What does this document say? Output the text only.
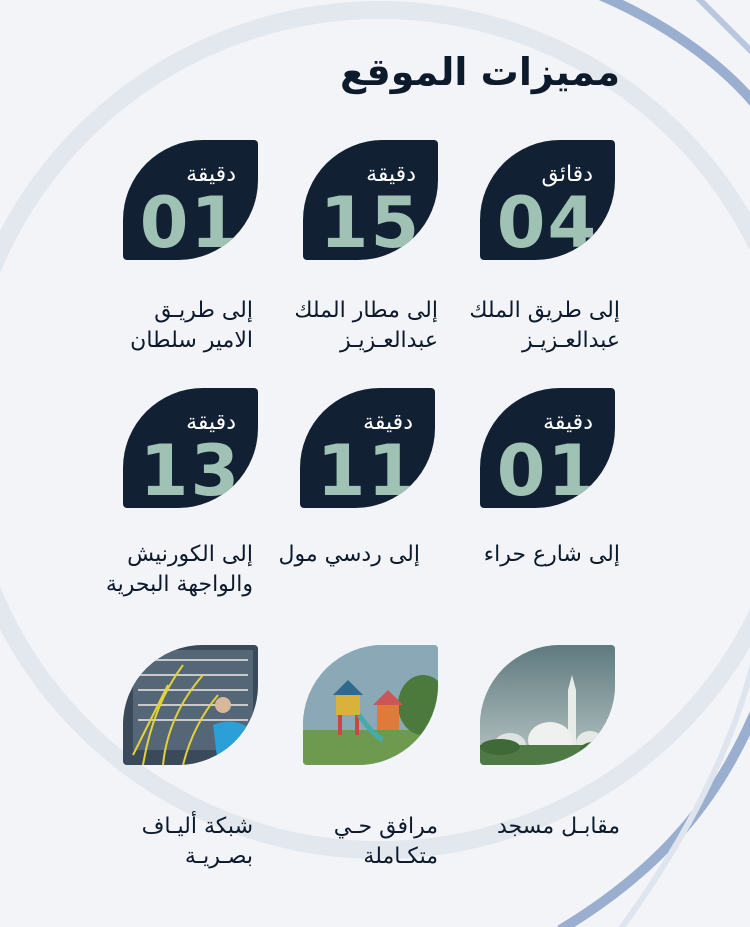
مميزات الموقع
دقائق
04
إلى طريق الملك
عبدالعـزيـز
دقيقة
15
إلى مطار الملك
عبدالعـزيـز
دقيقة
01
إلى طريـق
الامير سلطان
دقيقة
01
إلى شارع حراء
دقيقة
11
إلى ردسي مول
دقيقة
13
إلى الكورنيش
والواجهة البحرية
مقابـل مسجد
مرافق حـي
متكـاملة
شبكة أليـاف
بصـريـة
